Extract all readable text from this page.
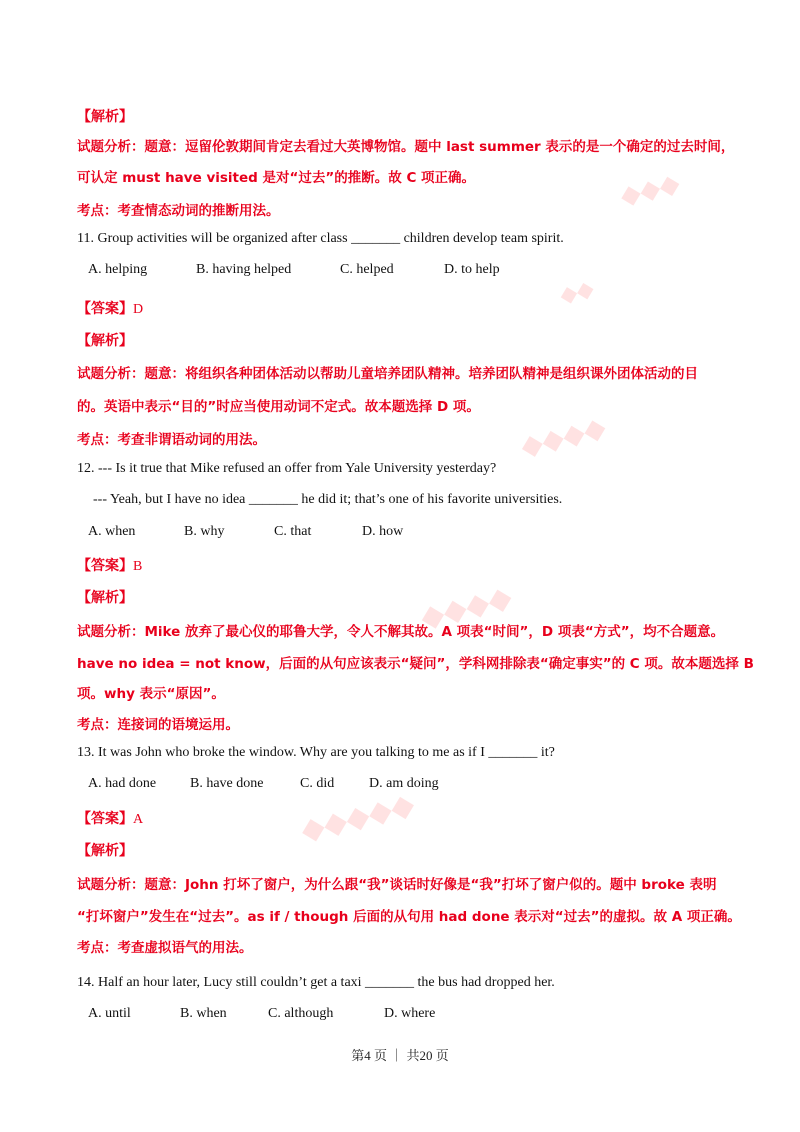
◆◆◆
◆◆
◆◆◆◆
◆◆◆◆
◆◆◆◆◆
【解析】
试题分析：题意：逗留伦敦期间肯定去看过大英博物馆。题中 last summer 表示的是一个确定的过去时间，
可认定 must have visited 是对“过去”的推断。故 C 项正确。
考点：考查情态动词的推断用法。
11. Group activities will be organized after class _______ children develop team spirit.
A. helping	B. having helped	C. helped	D. to help
【答案】D
【解析】
试题分析：题意：将组织各种团体活动以帮助儿童培养团队精神。培养团队精神是组织课外团体活动的目
的。英语中表示“目的”时应当使用动词不定式。故本题选择 D 项。
考点：考查非谓语动词的用法。
12. --- Is it true that Mike refused an offer from Yale University yesterday?
--- Yeah, but I have no idea _______ he did it; that’s one of his favorite universities.
A. when	B. why	C. that	D. how
【答案】B
【解析】
试题分析：Mike 放弃了最心仪的耶鲁大学，令人不解其故。A 项表“时间”，D 项表“方式”，均不合题意。
have no idea = not know，后面的从句应该表示“疑问”，学科网排除表“确定事实”的 C 项。故本题选择 B
项。why 表示“原因”。
考点：连接词的语境运用。
13. It was John who broke the window. Why are you talking to me as if I _______ it?
A. had done B. have done	C. did D. am doing
【答案】A
【解析】
试题分析：题意：John 打坏了窗户，为什么跟“我”谈话时好像是“我”打坏了窗户似的。题中 broke 表明
“打坏窗户”发生在“过去”。as if / though 后面的从句用 had done 表示对“过去”的虚拟。故 A 项正确。
考点：考查虚拟语气的用法。
14. Half an hour later, Lucy still couldn’t get a taxi _______ the bus had dropped her.
A. until	B. when	C. although	D. where
第4 页 ｜ 共20 页
